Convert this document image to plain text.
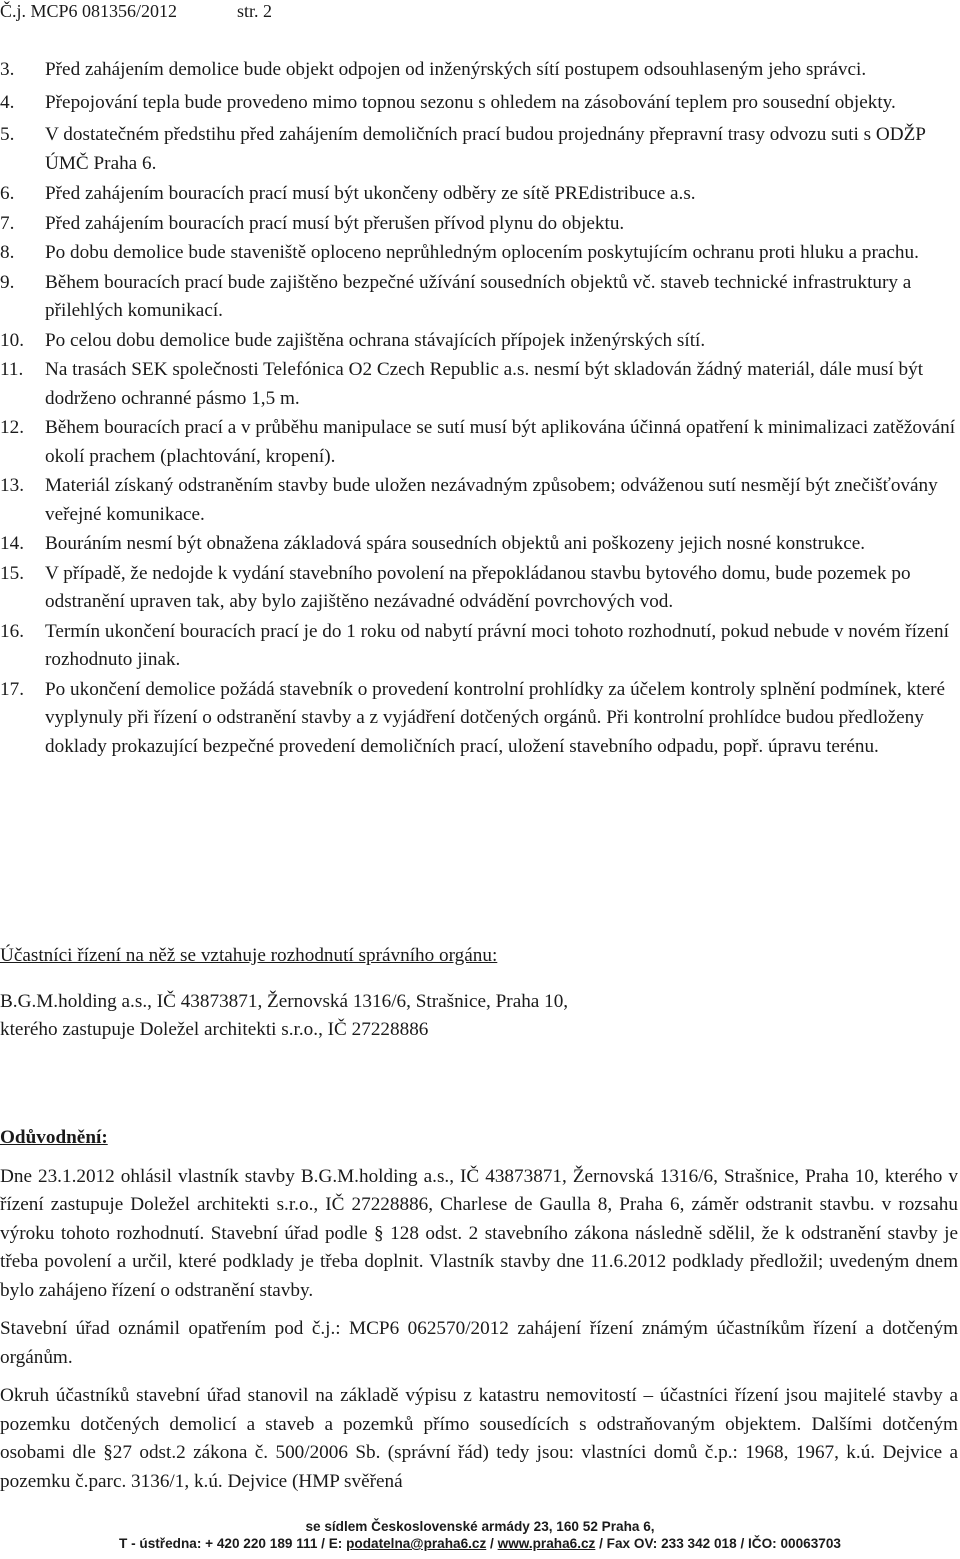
Č.j. MCP6 081356/2012	str. 2
3.	Před zahájením demolice bude objekt odpojen od inženýrských sítí postupem odsouhlaseným jeho správci.
4.	Přepojování tepla bude provedeno mimo topnou sezonu s ohledem na zásobování teplem pro sousední objekty.
5.	V dostatečném předstihu před zahájením demoličních prací budou projednány přepravní trasy odvozu suti s ODŽP ÚMČ Praha 6.
6.	Před zahájením bouracích prací musí být ukončeny odběry ze sítě PREdistribuce a.s.
7.	Před zahájením bouracích prací musí být přerušen přívod plynu do objektu.
8.	Po dobu demolice bude staveniště oploceno neprůhledným oplocením poskytujícím ochranu proti hluku a prachu.
9.	Během bouracích prací bude zajištěno bezpečné užívání sousedních objektů vč. staveb technické infrastruktury a přilehlých komunikací.
10.	Po celou dobu demolice bude zajištěna ochrana stávajících přípojek inženýrských sítí.
11.	Na trasách SEK společnosti Telefónica O2 Czech Republic a.s. nesmí být skladován žádný materiál, dále musí být dodrženo ochranné pásmo 1,5 m.
12.	Během bouracích prací a v průběhu manipulace se sutí musí být aplikována účinná opatření k minimalizaci zatěžování okolí prachem (plachtování, kropení).
13.	Materiál získaný odstraněním stavby bude uložen nezávadným způsobem; odváženou sutí nesmějí být znečišťovány veřejné komunikace.
14.	Bouráním nesmí být obnažena základová spára sousedních objektů ani poškozeny jejich nosné konstrukce.
15.	V případě, že nedojde k vydání stavebního povolení na přepokládanou stavbu bytového domu, bude pozemek po odstranění upraven tak, aby bylo zajištěno nezávadné odvádění povrchových vod.
16.	Termín ukončení bouracích prací je do 1 roku od nabytí právní moci tohoto rozhodnutí, pokud nebude v novém řízení rozhodnuto jinak.
17.	Po ukončení demolice požádá stavebník o provedení kontrolní prohlídky za účelem kontroly splnění podmínek, které vyplynuly při řízení o odstranění stavby a z vyjádření dotčených orgánů. Při kontrolní prohlídce budou předloženy doklady prokazující bezpečné provedení demoličních prací, uložení stavebního odpadu, popř. úpravu terénu.
Účastníci řízení na něž se vztahuje rozhodnutí správního orgánu:
B.G.M.holding a.s., IČ 43873871, Žernovská 1316/6, Strašnice, Praha 10,
kterého zastupuje Doležel architekti s.r.o., IČ 27228886
Odůvodnění:
Dne 23.1.2012 ohlásil vlastník stavby B.G.M.holding a.s., IČ 43873871, Žernovská 1316/6, Strašnice, Praha 10, kterého v řízení zastupuje Doležel architekti s.r.o., IČ 27228886, Charlese de Gaulla 8, Praha 6, záměr odstranit stavbu. v rozsahu výroku tohoto rozhodnutí. Stavební úřad podle § 128 odst. 2 stavebního zákona následně sdělil, že k odstranění stavby je třeba povolení a určil, které podklady je třeba doplnit. Vlastník stavby dne 11.6.2012 podklady předložil; uvedeným dnem bylo zahájeno řízení o odstranění stavby.
Stavební úřad oznámil opatřením pod č.j.: MCP6 062570/2012 zahájení řízení známým účastníkům řízení a dotčeným orgánům.
Okruh účastníků stavební úřad stanovil na základě výpisu z katastru nemovitostí – účastníci řízení jsou majitelé stavby a pozemku dotčených demolicí a staveb a pozemků přímo sousedících s odstraňovaným objektem. Dalšími dotčeným osobami dle §27 odst.2 zákona č. 500/2006 Sb. (správní řád) tedy jsou: vlastníci domů č.p.: 1968, 1967, k.ú. Dejvice a pozemku č.parc. 3136/1, k.ú. Dejvice (HMP svěřená
se sídlem Československé armády 23, 160 52 Praha 6,
T - ústředna: + 420 220 189 111 / E: podatelna@praha6.cz / www.praha6.cz / Fax OV: 233 342 018 / IČO: 00063703
